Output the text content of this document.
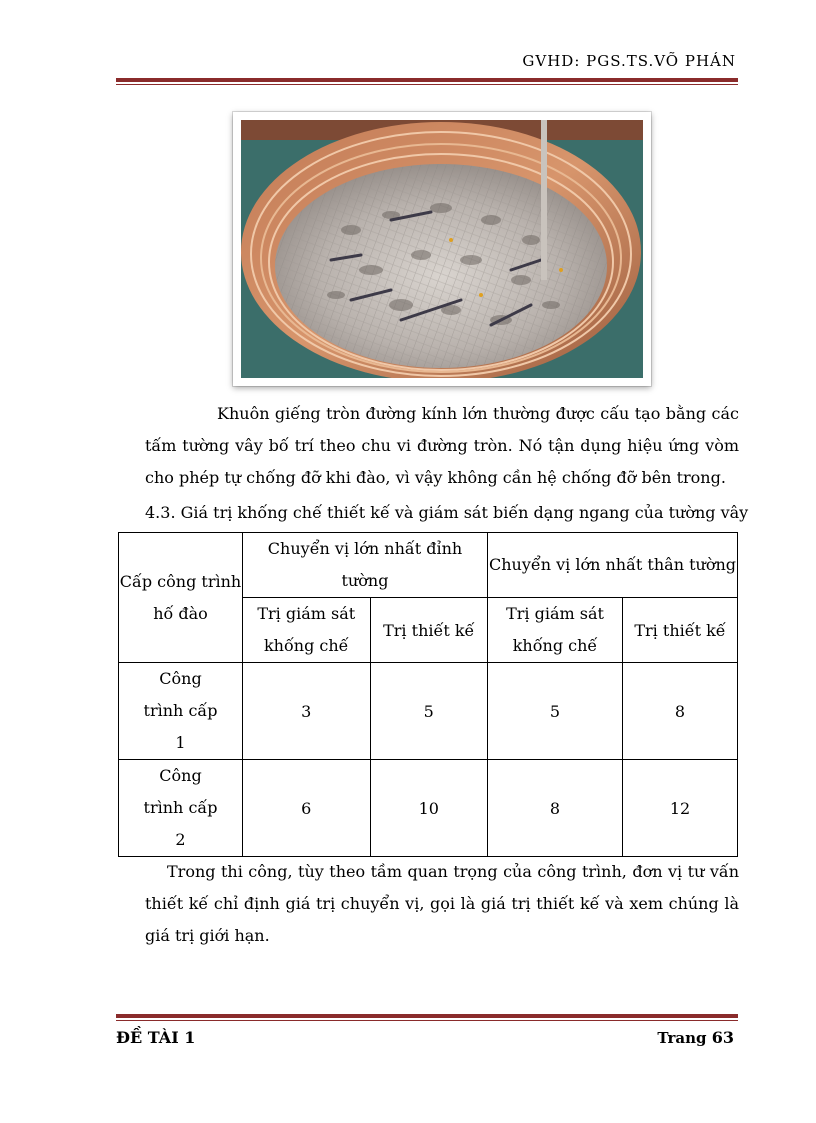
GVHD: PGS.TS.VÕ PHÁN
Khuôn giếng tròn đường kính lớn thường được cấu tạo bằng các tấm tường vây bố trí theo chu vi đường tròn. Nó tận dụng hiệu ứng vòm cho phép tự chống đỡ khi đào, vì vậy không cần hệ chống đỡ bên trong.
4.3. Giá trị khống chế thiết kế và giám sát biến dạng ngang của tường vây
Cấp công trình hố đào	Chuyển vị lớn nhất đỉnh tường		Chuyển vị lớn nhất thân tường	

	Trị giám sát khống chế	Trị thiết kế	Trị giám sát khống chế	Trị thiết kế

Công trình cấp 1	3	5	5	8

Công trình cấp 2	6	10	8	12
Trong thi công, tùy theo tầm quan trọng của công trình, đơn vị tư vấn thiết kế chỉ định giá trị chuyển vị, gọi là giá trị thiết kế và xem chúng là giá trị giới hạn.
ĐỀ TÀI 1	Trang 63
